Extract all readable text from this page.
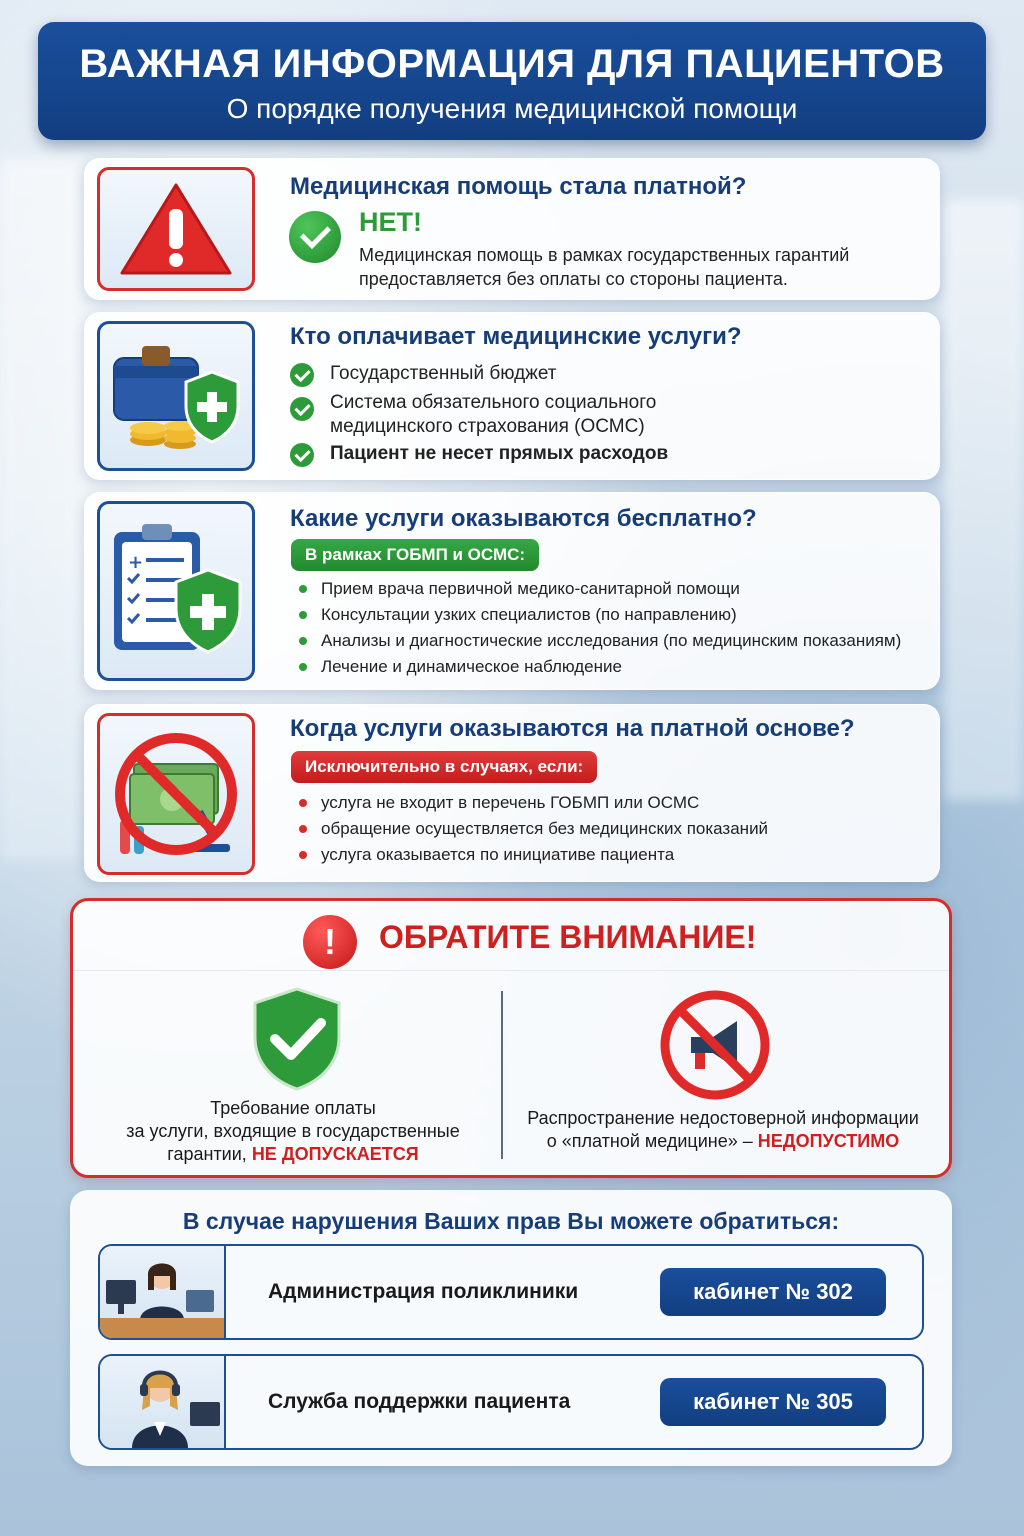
ВАЖНАЯ ИНФОРМАЦИЯ ДЛЯ ПАЦИЕНТОВ
О порядке получения медицинской помощи
Медицинская помощь стала платной?
НЕТ!
Медицинская помощь в рамках государственных гарантий
предоставляется без оплаты со стороны пациента.
Кто оплачивает медицинские услуги?
Государственный бюджет
Система обязательного социального
медицинского страхования (ОСМС)
Пациент не несет прямых расходов
+
Какие услуги оказываются бесплатно?
В рамках ГОБМП и ОСМС:
Прием врача первичной медико-санитарной помощи
Консультации узких специалистов (по направлению)
Анализы и диагностические исследования (по медицинским показаниям)
Лечение и динамическое наблюдение
Когда услуги оказываются на платной основе?
Исключительно в случаях, если:
услуга не входит в перечень ГОБМП или ОСМС
обращение осуществляется без медицинских показаний
услуга оказывается по инициативе пациента
!	ОБРАТИТЕ ВНИМАНИЕ!
Требование оплаты
за услуги, входящие в государственные
гарантии, НЕ ДОПУСКАЕТСЯ
Распространение недостоверной информации
о «платной медицине» – НЕДОПУСТИМО
В случае нарушения Ваших прав Вы можете обратиться:
Администрация поликлиники	кабинет № 302
Служба поддержки пациента	кабинет № 305
